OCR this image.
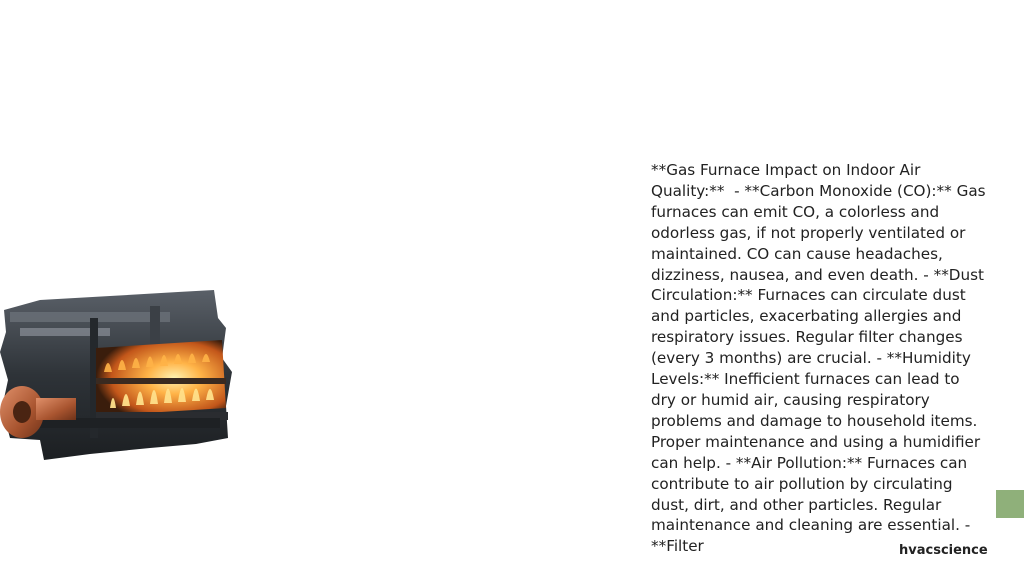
**Gas Furnace Impact on Indoor Air Quality:**  - **Carbon Monoxide (CO):** Gas furnaces can emit CO, a colorless and odorless gas, if not properly ventilated or maintained. CO can cause headaches, dizziness, nausea, and even death. - **Dust Circulation:** Furnaces can circulate dust and particles, exacerbating allergies and respiratory issues. Regular filter changes (every 3 months) are crucial. - **Humidity Levels:** Inefficient furnaces can lead to dry or humid air, causing respiratory problems and damage to household items. Proper maintenance and using a humidifier can help. - **Air Pollution:** Furnaces can contribute to air pollution by circulating dust, dirt, and other particles. Regular maintenance and cleaning are essential. - **Filter	hvacscience
